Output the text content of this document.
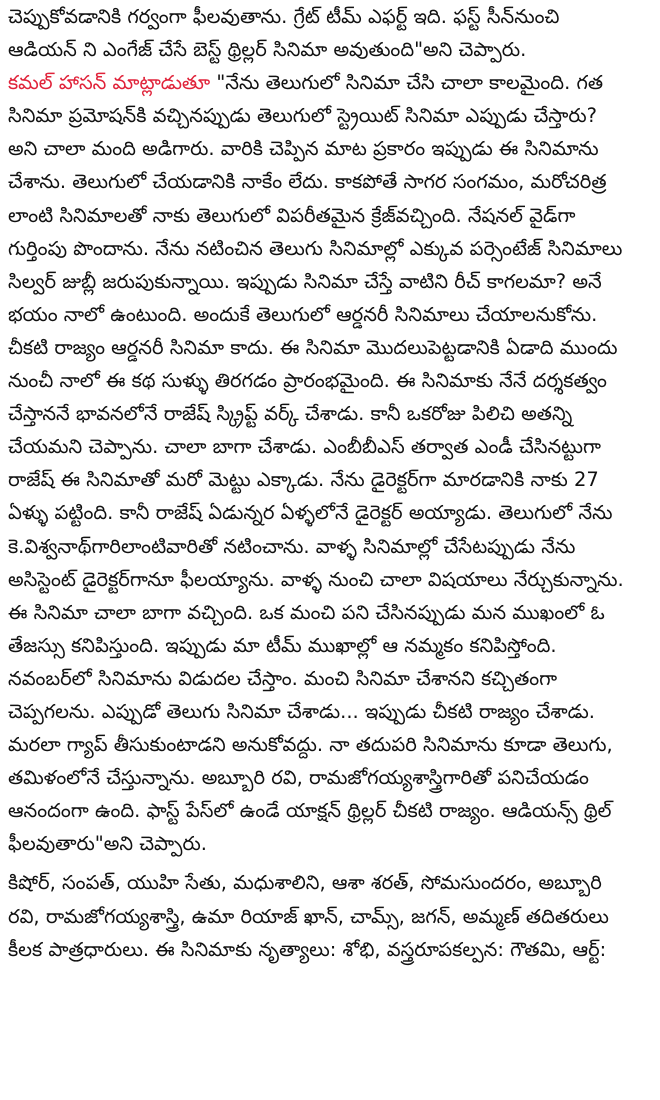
చెప్పుకోవడానికి గర్వంగా ఫీలవుతాను. గ్రేట్ టీమ్ ఎఫర్ట్ ఇది. ఫస్ట్ సీన్‌నుంచి
ఆడియన్ ని ఎంగేజ్ చేసే బెస్ట్ థ్రిల్లర్ సినిమా అవుతుంది"అని చెప్పారు.
కమల్ హాసన్ మాట్లాడుతూ "నేను తెలుగులో సినిమా చేసి చాలా కాలమైంది. గత
సినిమా ప్రమోషన్‌కి వచ్చినప్పుడు తెలుగులో స్ట్రెయిట్ సినిమా ఎప్పుడు చేస్తారు?
అని చాలా మంది అడిగారు. వారికి చెప్పిన మాట ప్రకారం ఇప్పుడు ఈ సినిమాను
చేశాను. తెలుగులో చేయడానికి నాకేం లేదు. కాకపోతే సాగర సంగమం, మరోచరిత్ర
లాంటి సినిమాలతో నాకు తెలుగులో విపరీతమైన క్రేజ్‌వచ్చింది. నేషనల్ వైడ్‌గా
గుర్తింపు పొందాను. నేను నటించిన తెలుగు సినిమాల్లో ఎక్కువ పర్సెంటేజ్ సినిమాలు
సిల్వర్ జుబ్లీ జరుపుకున్నాయి. ఇప్పుడు సినిమా చేస్తే వాటిని రీచ్ కాగలమా? అనే
భయం నాలో ఉంటుంది. అందుకే తెలుగులో ఆర్డనరీ సినిమాలు చేయాలనుకోను.
చీకటి రాజ్యం ఆర్డనరీ సినిమా కాదు. ఈ సినిమా మొదలుపెట్టడానికి ఏడాది ముందు
నుంచీ నాలో ఈ కథ సుళ్ళు తిరగడం ప్రారంభమైంది. ఈ సినిమాకు నేనే దర్శకత్వం
చేస్తాననే భావనలోనే రాజేష్ స్క్రిప్ట్ వర్క్ చేశాడు. కానీ ఒకరోజు పిలిచి అతన్ని
చేయమని చెప్పాను. చాలా బాగా చేశాడు. ఎంబీబీఎస్ తర్వాత ఎండీ చేసినట్టుగా
రాజేష్ ఈ సినిమాతో మరో మెట్టు ఎక్కాడు. నేను డైరెక్టర్‌గా మారడానికి నాకు 27
ఏళ్ళు పట్టింది. కానీ రాజేష్ ఏడున్నర ఏళ్ళలోనే డైరెక్టర్ అయ్యాడు. తెలుగులో నేను
కె.విశ్వనాథ్‌గారిలాంటివారితో నటించాను. వాళ్ళ సినిమాల్లో చేసేటప్పుడు నేను
అసిస్టెంట్ డైరెక్టర్‌గానూ ఫీలయ్యాను. వాళ్ళ నుంచి చాలా విషయాలు నేర్చుకున్నాను.
ఈ సినిమా చాలా బాగా వచ్చింది. ఒక మంచి పని చేసినప్పుడు మన ముఖంలో ఓ
తేజస్సు కనిపిస్తుంది. ఇప్పుడు మా టీమ్ ముఖాల్లో ఆ నమ్మకం కనిపిస్తోంది.
నవంబర్‌లో సినిమాను విడుదల చేస్తాం. మంచి సినిమా చేశానని కచ్చితంగా
చెప్పగలను. ఎప్పుడో తెలుగు సినిమా చేశాడు... ఇప్పుడు చీకటి రాజ్యం చేశాడు.
మరలా గ్యాప్ తీసుకుంటాడని అనుకోవద్దు. నా తదుపరి సినిమాను కూడా తెలుగు,
తమిళంలోనే చేస్తున్నాను. అబ్బూరి రవి, రామజోగయ్యశాస్త్రిగారితో పనిచేయడం
ఆనందంగా ఉంది. ఫాస్ట్ పేస్‌లో ఉండే యాక్షన్ థ్రిల్లర్ చీకటి రాజ్యం. ఆడియన్స్ థ్రిల్
ఫీలవుతారు"అని చెప్పారు.
కిషోర్, సంపత్, యుహి సేతు, మధుశాలిని, ఆశా శరత్, సోమసుందరం, అబ్బూరి
రవి, రామజోగయ్యశాస్త్రి, ఉమా రియాజ్ ఖాన్, చామ్స్, జగన్, అమ్మణ్ తదితరులు
కీలక పాత్రధారులు. ఈ సినిమాకు నృత్యాలు: శోభి, వస్త్రరూపకల్పన: గౌతమి, ఆర్ట్:
